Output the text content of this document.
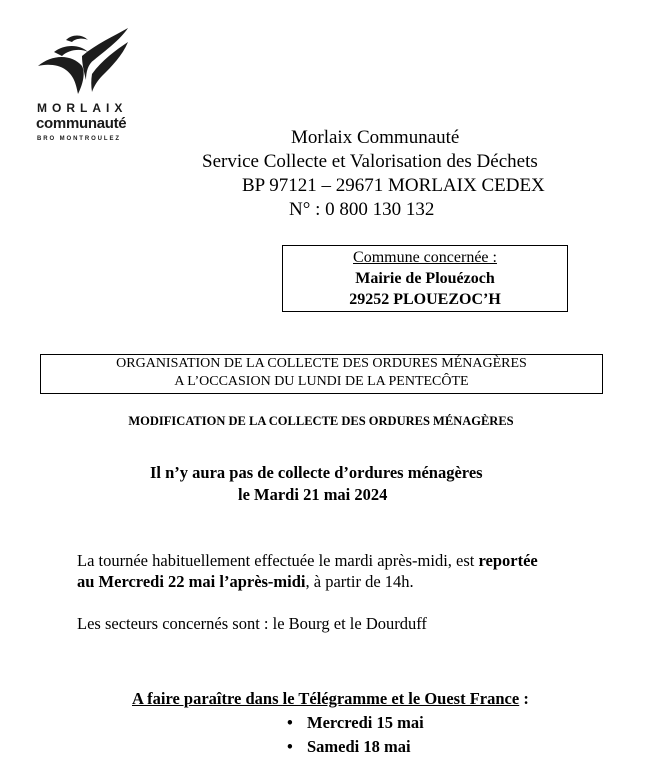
MORLAIX
communauté
BRO MONTROULEZ	Morlaix Communauté
Service Collecte et Valorisation des Déchets
BP 97121 – 29671 MORLAIX CEDEX
N° : 0 800 130 132
Commune concernée :
Mairie de Plouézoch
29252 PLOUEZOC’H
ORGANISATION DE LA COLLECTE DES ORDURES MÉNAGÈRES
A L’OCCASION DU LUNDI DE LA PENTECÔTE
MODIFICATION DE LA COLLECTE DES ORDURES MÉNAGÈRES
Il n’y aura pas de collecte d’ordures ménagères
le Mardi 21 mai 2024
La tournée habituellement effectuée le mardi après-midi, est reportée
au Mercredi 22 mai l’après-midi, à partir de 14h.
Les secteurs concernés sont : le Bourg et le Dourduff
A faire paraître dans le Télégramme et le Ouest France :
• Mercredi 15 mai
• Samedi 18 mai
